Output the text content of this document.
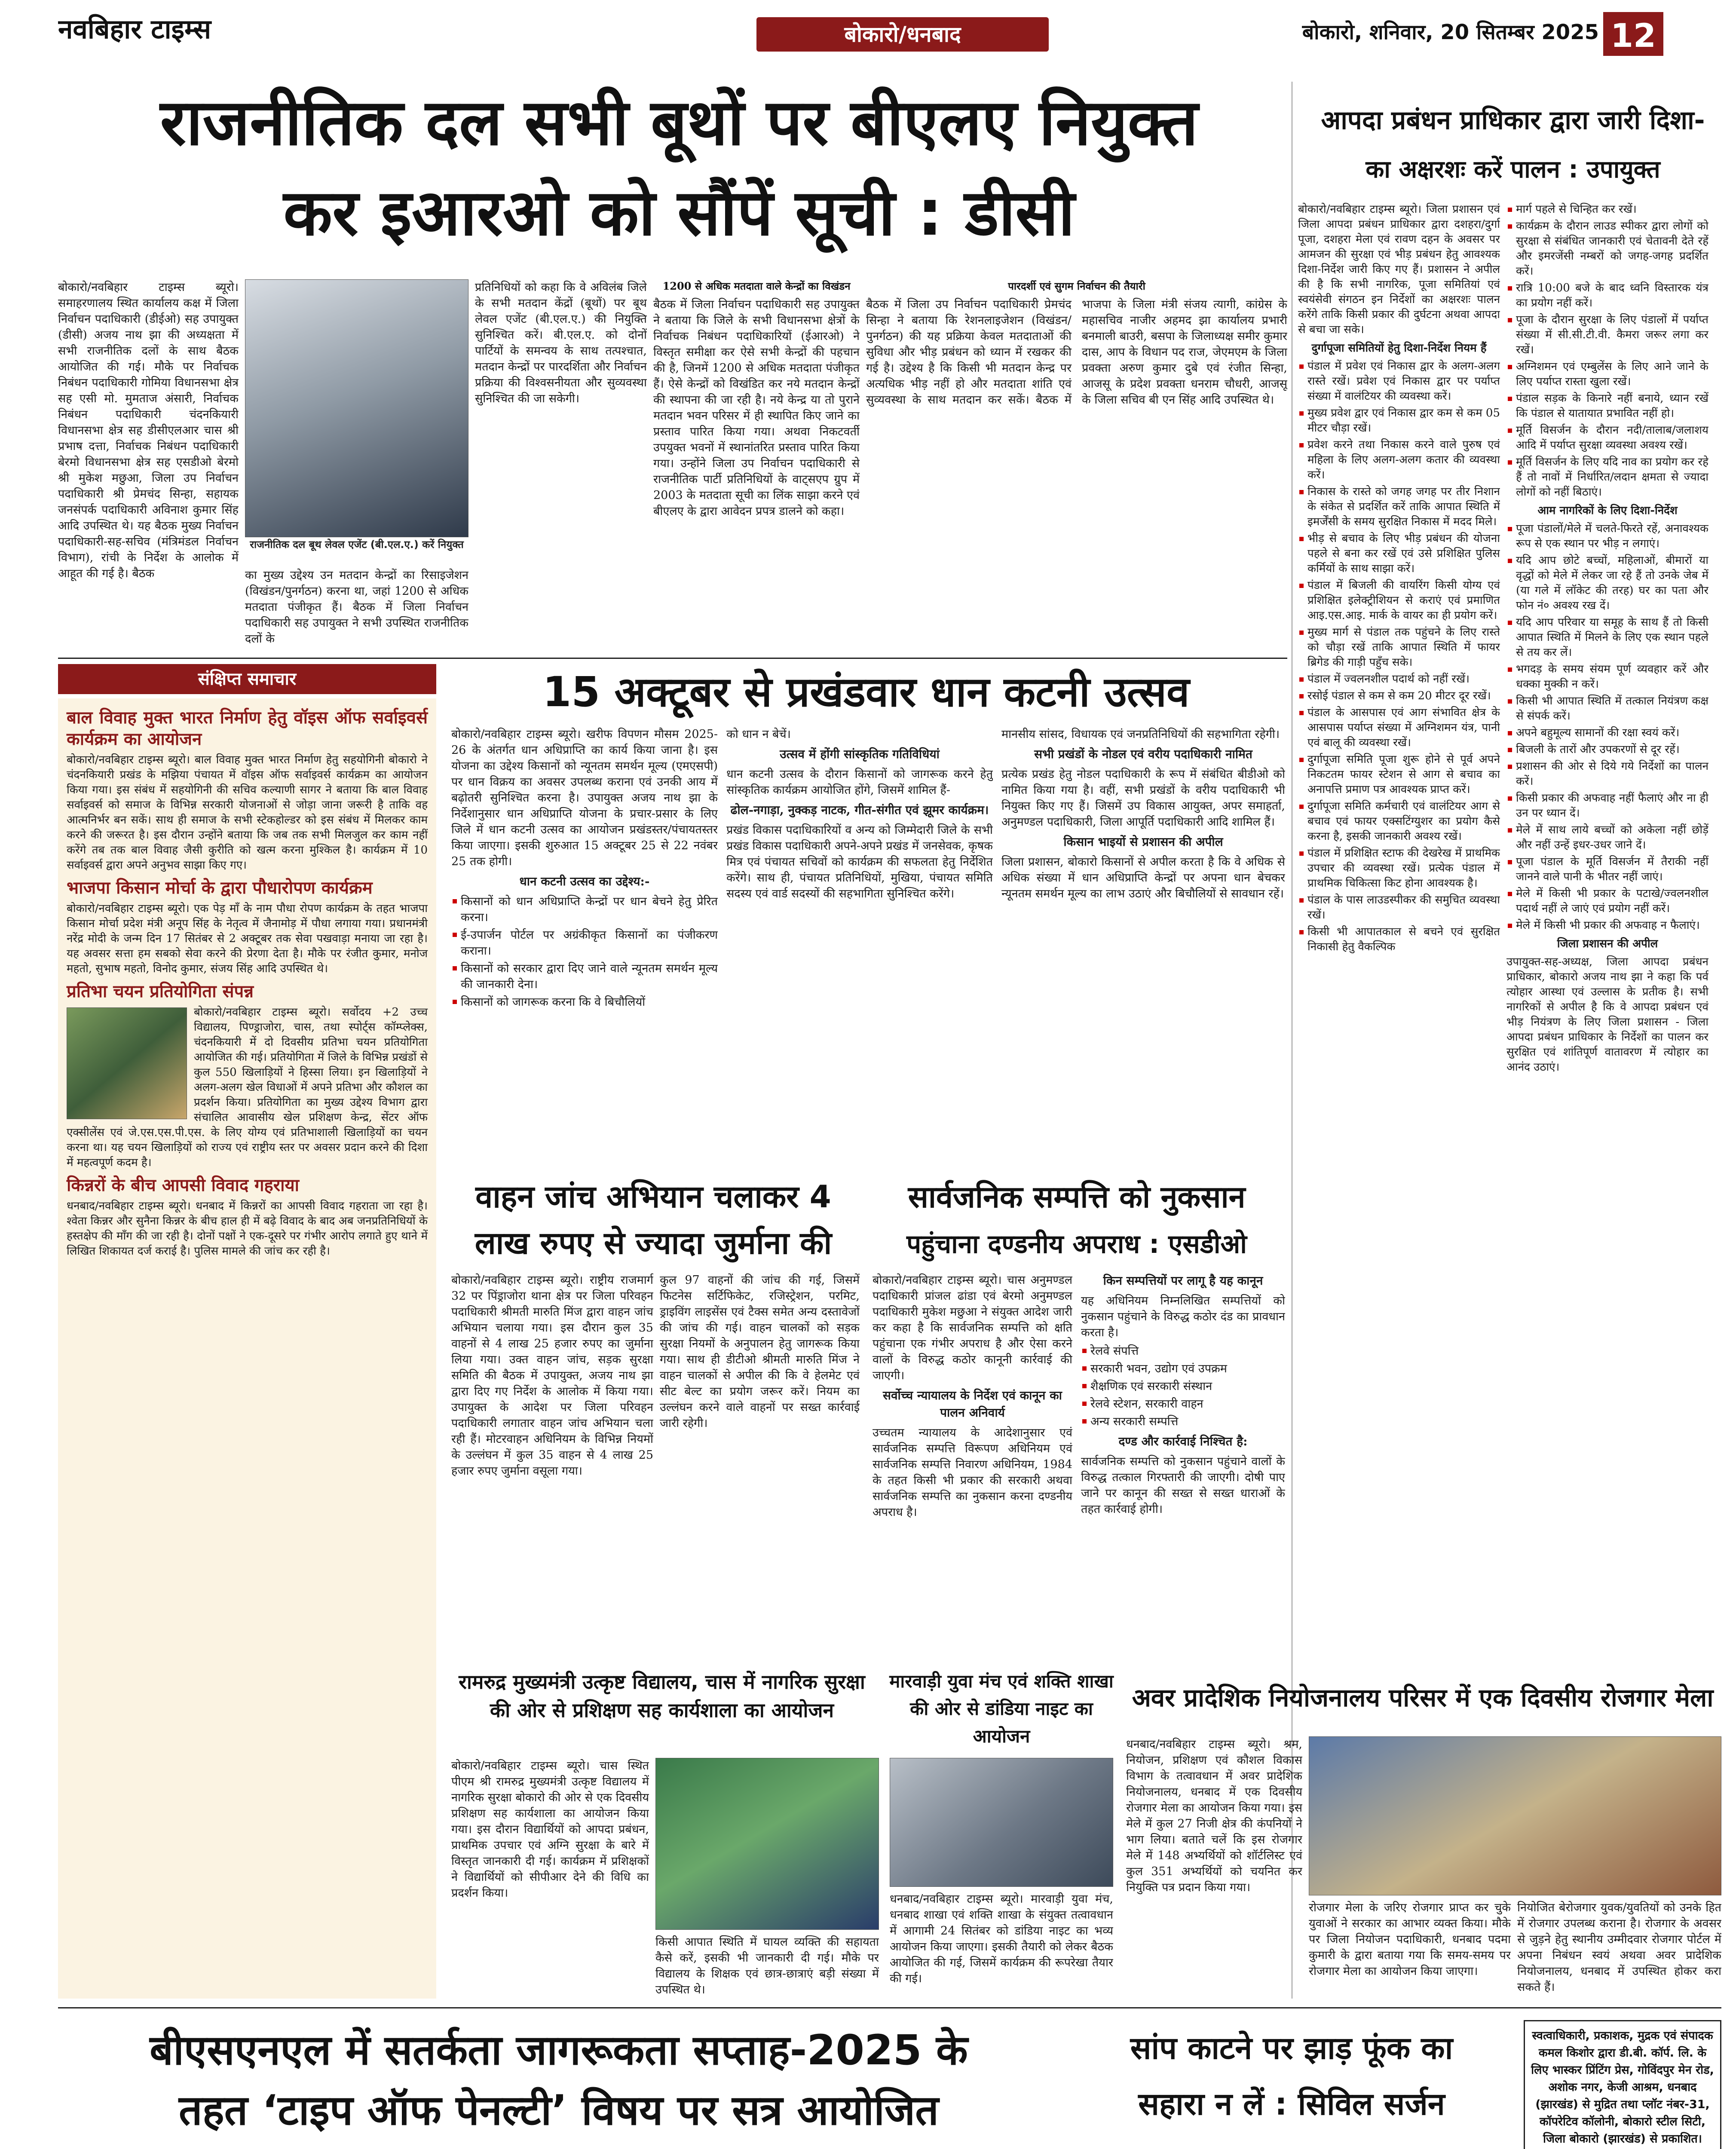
नवबिहार टाइम्स	बोकारो/धनबाद	बोकारो, शनिवार, 20 सितम्बर 2025 12
राजनीतिक दल सभी बूथों पर बीएलए नियुक्त
कर इआरओ को सौंपें सूची : डीसी
बोकारो/नवबिहार टाइम्स ब्यूरो। समाहरणालय स्थित कार्यालय कक्ष में जिला निर्वाचन पदाधिकारी (डीईओ) सह उपायुक्त (डीसी) अजय नाथ झा की अध्यक्षता में सभी राजनीतिक दलों के साथ बैठक आयोजित की गई। मौके पर निर्वाचक निबंधन पदाधिकारी गोमिया विधानसभा क्षेत्र सह एसी मो. मुमताज अंसारी, निर्वाचक निबंधन पदाधिकारी चंदनकियारी विधानसभा क्षेत्र सह डीसीएलआर चास श्री प्रभाष दत्ता, निर्वाचक निबंधन पदाधिकारी बेरमो विधानसभा क्षेत्र सह एसडीओ बेरमो श्री मुकेश मछुआ, जिला उप निर्वाचन पदाधिकारी श्री प्रेमचंद सिन्हा, सहायक जनसंपर्क पदाधिकारी अविनाश कुमार सिंह आदि उपस्थित थे। यह बैठक मुख्य निर्वाचन पदाधिकारी-सह-सचिव (मंत्रिमंडल निर्वाचन विभाग), रांची के निर्देश के आलोक में आहूत की गई है। बैठक
राजनीतिक दल बूथ लेवल एजेंट (बी.एल.ए.) करें नियुक्त
का मुख्य उद्देश्य उन मतदान केन्द्रों का रिसाइजेशन (विखंडन/पुनर्गठन) करना था, जहां 1200 से अधिक मतदाता पंजीकृत हैं। बैठक में जिला निर्वाचन पदाधिकारी सह उपायुक्त ने सभी उपस्थित राजनीतिक दलों के
प्रतिनिधियों को कहा कि वे अविलंब जिले के सभी मतदान केंद्रों (बूथों) पर बूथ लेवल एजेंट (बी.एल.ए.) की नियुक्ति सुनिश्चित करें। बी.एल.ए. को दोनों पार्टियों के समन्वय के साथ तत्पश्चात, मतदान केन्द्रों पर पारदर्शिता और निर्वाचन प्रक्रिया की विश्वसनीयता और सुव्यवस्था सुनिश्चित की जा सकेगी।
1200 से अधिक मतदाता वाले केन्द्रों का विखंडन
बैठक में जिला निर्वाचन पदाधिकारी सह उपायुक्त ने बताया कि जिले के सभी विधानसभा क्षेत्रों के निर्वाचक निबंधन पदाधिकारियों (ईआरओ) ने विस्तृत समीक्षा कर ऐसे सभी केन्द्रों की पहचान की है, जिनमें 1200 से अधिक मतदाता पंजीकृत हैं। ऐसे केन्द्रों को विखंडित कर नये मतदान केन्द्रों की स्थापना की जा रही है। नये केन्द्र या तो पुराने मतदान भवन परिसर में ही स्थापित किए जाने का प्रस्ताव पारित किया गया। अथवा निकटवर्ती उपयुक्त भवनों में स्थानांतरित प्रस्ताव पारित किया गया। उन्होंने जिला उप निर्वाचन पदाधिकारी से राजनीतिक पार्टी प्रतिनिधियों के वाट्सएप ग्रुप में 2003 के मतदाता सूची का लिंक साझा करने एवं बीएलए के द्वारा आवेदन प्रपत्र डालने को कहा।
पारदर्शी एवं सुगम निर्वाचन की तैयारी
बैठक में जिला उप निर्वाचन पदाधिकारी प्रेमचंद सिन्हा ने बताया कि रेशनलाइजेशन (विखंडन/पुनर्गठन) की यह प्रक्रिया केवल मतदाताओं की सुविधा और भीड़ प्रबंधन को ध्यान में रखकर की गई है। उद्देश्य है कि किसी भी मतदान केन्द्र पर अत्यधिक भीड़ नहीं हो और मतदाता शांति एवं सुव्यवस्था के साथ मतदान कर सकें। बैठक में भाजपा के जिला मंत्री संजय त्यागी, कांग्रेस के महासचिव नाजीर अहमद झा कार्यालय प्रभारी बनमाली बाउरी, बसपा के जिलाध्यक्ष समीर कुमार दास, आप के विधान पद राज, जेएमएम के जिला प्रवक्ता अरुण कुमार दुबे एवं रंजीत सिन्हा, आजसू के प्रदेश प्रवक्ता धनराम चौधरी, आजसू के जिला सचिव बी एन सिंह आदि उपस्थित थे।
आपदा प्रबंधन प्राधिकार द्वारा जारी दिशा-
का अक्षरशः करें पालन : उपायुक्त

बोकारो/नवबिहार टाइम्स ब्यूरो। जिला प्रशासन एवं जिला आपदा प्रबंधन प्राधिकार द्वारा दशहरा/दुर्गा पूजा, दशहरा मेला एवं रावण दहन के अवसर पर आमजन की सुरक्षा एवं भीड़ प्रबंधन हेतु आवश्यक दिशा-निर्देश जारी किए गए हैं। प्रशासन ने अपील की है कि सभी नागरिक, पूजा समितियां एवं स्वयंसेवी संगठन इन निर्देशों का अक्षरशः पालन करेंगे ताकि किसी प्रकार की दुर्घटना अथवा आपदा से बचा जा सके।

दुर्गापूजा समितियों हेतु दिशा-निर्देश नियम हैं
पंडाल में प्रवेश एवं निकास द्वार के अलग-अलग रास्ते रखें। प्रवेश एवं निकास द्वार पर पर्याप्त संख्या में वालंटियर की व्यवस्था करें।
मुख्य प्रवेश द्वार एवं निकास द्वार कम से कम 05 मीटर चौड़ा रखें।
प्रवेश करने तथा निकास करने वाले पुरुष एवं महिला के लिए अलग-अलग कतार की व्यवस्था करें।
निकास के रास्ते को जगह जगह पर तीर निशान के संकेत से प्रदर्शित करें ताकि आपात स्थिति में इमर्जेंसी के समय सुरक्षित निकास में मदद मिले।
भीड़ से बचाव के लिए भीड़ प्रबंधन की योजना पहले से बना कर रखें एवं उसे प्रशिक्षित पुलिस कर्मियों के साथ साझा करें।
पंडाल में बिजली की वायरिंग किसी योग्य एवं प्रशिक्षित इलेक्ट्रीशियन से कराएं एवं प्रमाणित आइ.एस.आइ. मार्क के वायर का ही प्रयोग करें।
मुख्य मार्ग से पंडाल तक पहुंचने के लिए रास्ते को चौड़ा रखें ताकि आपात स्थिति में फायर ब्रिगेड की गाड़ी पहुँच सके।
पंडाल में ज्वलनशील पदार्थ को नहीं रखें।
रसोई पंडाल से कम से कम 20 मीटर दूर रखें।
पंडाल के आसपास एवं आग संभावित क्षेत्र के आसपास पर्याप्त संख्या में अग्निशमन यंत्र, पानी एवं बालू की व्यवस्था रखें।
दुर्गापूजा समिति पूजा शुरू होने से पूर्व अपने निकटतम फायर स्टेशन से आग से बचाव का अनापत्ति प्रमाण पत्र आवश्यक प्राप्त करें।
दुर्गापूजा समिति कर्मचारी एवं वालंटियर आग से बचाव एवं फायर एक्सटिंग्युशर का प्रयोग कैसे करना है, इसकी जानकारी अवश्य रखें।
पंडाल में प्रशिक्षित स्टाफ की देखरेख में प्राथमिक उपचार की व्यवस्था रखें। प्रत्येक पंडाल में प्राथमिक चिकित्सा किट होना आवश्यक है।
पंडाल के पास लाउडस्पीकर की समुचित व्यवस्था रखें।
किसी भी आपातकाल से बचने एवं सुरक्षित निकासी हेतु वैकल्पिक
मार्ग पहले से चिन्हित कर रखें।
कार्यक्रम के दौरान लाउड स्पीकर द्वारा लोगों को सुरक्षा से संबंधित जानकारी एवं चेतावनी देते रहें और इमरजेंसी नम्बरों को जगह-जगह प्रदर्शित करें।
रात्रि 10:00 बजे के बाद ध्वनि विस्तारक यंत्र का प्रयोग नहीं करें।
पूजा के दौरान सुरक्षा के लिए पंडालों में पर्याप्त संख्या में सी.सी.टी.वी. कैमरा जरूर लगा कर रखें।
अग्निशमन एवं एम्बुलेंस के लिए आने जाने के लिए पर्याप्त रास्ता खुला रखें।
पंडाल सड़क के किनारे नहीं बनाये, ध्यान रखें कि पंडाल से यातायात प्रभावित नहीं हो।
मूर्ति विसर्जन के दौरान नदी/तालाब/जलाशय आदि में पर्याप्त सुरक्षा व्यवस्था अवश्य रखें।
मूर्ति विसर्जन के लिए यदि नाव का प्रयोग कर रहे हैं तो नावों में निर्धारित/लदान क्षमता से ज्यादा लोगों को नहीं बिठाएं।
आम नागरिकों के लिए दिशा-निर्देश
पूजा पंडालों/मेले में चलते-फिरते रहें, अनावश्यक रूप से एक स्थान पर भीड़ न लगाएं।
यदि आप छोटे बच्चों, महिलाओं, बीमारों या वृद्धों को मेले में लेकर जा रहे हैं तो उनके जेब में (या गले में लॉकेट की तरह) घर का पता और फोन नं० अवश्य रख दें।
यदि आप परिवार या समूह के साथ हैं तो किसी आपात स्थिति में मिलने के लिए एक स्थान पहले से तय कर लें।
भगदड़ के समय संयम पूर्ण व्यवहार करें और धक्का मुक्की न करें।
किसी भी आपात स्थिति में तत्काल नियंत्रण कक्ष से संपर्क करें।
अपने बहुमूल्य सामानों की रक्षा स्वयं करें।
बिजली के तारों और उपकरणों से दूर रहें।
प्रशासन की ओर से दिये गये निर्देशों का पालन करें।
किसी प्रकार की अफवाह नहीं फैलाएं और ना ही उन पर ध्यान दें।
मेले में साथ लाये बच्चों को अकेला नहीं छोड़ें और नहीं उन्हें इधर-उधर जाने दें।
पूजा पंडाल के मूर्ति विसर्जन में तैराकी नहीं जानने वाले पानी के भीतर नहीं जाएं।
मेले में किसी भी प्रकार के पटाखे/ज्वलनशील पदार्थ नहीं ले जाएं एवं प्रयोग नहीं करें।
मेले में किसी भी प्रकार की अफवाह न फैलाएं।
जिला प्रशासन की अपील

उपायुक्त-सह-अध्यक्ष, जिला आपदा प्रबंधन प्राधिकार, बोकारो अजय नाथ झा ने कहा कि पर्व त्योहार आस्था एवं उल्लास के प्रतीक है। सभी नागरिकों से अपील है कि वे आपदा प्रबंधन एवं भीड़ नियंत्रण के लिए जिला प्रशासन - जिला आपदा प्रबंधन प्राधिकार के निर्देशों का पालन कर सुरक्षित एवं शांतिपूर्ण वातावरण में त्योहार का आनंद उठाएं।

संक्षिप्त समाचार
बाल विवाह मुक्त भारत निर्माण हेतु वॉइस ऑफ सर्वाइवर्स कार्यक्रम का आयोजन

बोकारो/नवबिहार टाइम्स ब्यूरो। बाल विवाह मुक्त भारत निर्माण हेतु सहयोगिनी बोकारो ने चंदनकियारी प्रखंड के मझिया पंचायत में वॉइस ऑफ सर्वाइवर्स कार्यक्रम का आयोजन किया गया। इस संबंध में सहयोगिनी की सचिव कल्याणी सागर ने बताया कि बाल विवाह सर्वाइवर्स को समाज के विभिन्न सरकारी योजनाओं से जोड़ा जाना जरूरी है ताकि वह आत्मनिर्भर बन सकें। साथ ही समाज के सभी स्टेकहोल्डर को इस संबंध में मिलकर काम करने की जरूरत है। इस दौरान उन्होंने बताया कि जब तक सभी मिलजुल कर काम नहीं करेंगे तब तक बाल विवाह जैसी कुरीति को खत्म करना मुश्किल है। कार्यक्रम में 10 सर्वाइवर्स द्वारा अपने अनुभव साझा किए गए।

भाजपा किसान मोर्चा के द्वारा पौधारोपण कार्यक्रम

बोकारो/नवबिहार टाइम्स ब्यूरो। एक पेड़ माँ के नाम पौधा रोपण कार्यक्रम के तहत भाजपा किसान मोर्चा प्रदेश मंत्री अनूप सिंह के नेतृत्व में जैनामोड़ में पौधा लगाया गया। प्रधानमंत्री नरेंद्र मोदी के जन्म दिन 17 सितंबर से 2 अक्टूबर तक सेवा पखवाड़ा मनाया जा रहा है। यह अवसर सत्ता हम सबको सेवा करने की प्रेरणा देता है। मौके पर रंजीत कुमार, मनोज महतो, सुभाष महतो, विनोद कुमार, संजय सिंह आदि उपस्थित थे।

प्रतिभा चयन प्रतियोगिता संपन्न

बोकारो/नवबिहार टाइम्स ब्यूरो। सर्वोदय +2 उच्च विद्यालय, पिण्ड्राजोरा, चास, तथा स्पोर्ट्स कॉम्प्लेक्स, चंदनकियारी में दो दिवसीय प्रतिभा चयन प्रतियोगिता आयोजित की गई। प्रतियोगिता में जिले के विभिन्न प्रखंडों से कुल 550 खिलाड़ियों ने हिस्सा लिया। इन खिलाड़ियों ने अलग-अलग खेल विधाओं में अपने प्रतिभा और कौशल का प्रदर्शन किया। प्रतियोगिता का मुख्य उद्देश्य विभाग द्वारा संचालित आवासीय खेल प्रशिक्षण केन्द्र, सेंटर ऑफ एक्सीलेंस एवं जे.एस.एस.पी.एस. के लिए योग्य एवं प्रतिभाशाली खिलाड़ियों का चयन करना था। यह चयन खिलाड़ियों को राज्य एवं राष्ट्रीय स्तर पर अवसर प्रदान करने की दिशा में महत्वपूर्ण कदम है।

किन्नरों के बीच आपसी विवाद गहराया

धनबाद/नवबिहार टाइम्स ब्यूरो। धनबाद में किन्नरों का आपसी विवाद गहराता जा रहा है। श्वेता किन्नर और सुनैना किन्नर के बीच हाल ही में बढ़े विवाद के बाद अब जनप्रतिनिधियों के हस्तक्षेप की माँग की जा रही है। दोनों पक्षों ने एक-दूसरे पर गंभीर आरोप लगाते हुए थाने में लिखित शिकायत दर्ज कराई है। पुलिस मामले की जांच कर रही है।

15 अक्टूबर से प्रखंडवार धान कटनी उत्सव

बोकारो/नवबिहार टाइम्स ब्यूरो। खरीफ विपणन मौसम 2025-26 के अंतर्गत धान अधिप्राप्ति का कार्य किया जाना है। इस योजना का उद्देश्य किसानों को न्यूनतम समर्थन मूल्य (एमएसपी) पर धान विक्रय का अवसर उपलब्ध कराना एवं उनकी आय में बढ़ोतरी सुनिश्चित करना है। उपायुक्त अजय नाथ झा के निर्देशानुसार धान अधिप्राप्ति योजना के प्रचार-प्रसार के लिए जिले में धान कटनी उत्सव का आयोजन प्रखंडस्तर/पंचायतस्तर किया जाएगा। इसकी शुरुआत 15 अक्टूबर 25 से 22 नवंबर 25 तक होगी।

धान कटनी उत्सव का उद्देश्य:-
किसानों को धान अधिप्राप्ति केन्द्रों पर धान बेचने हेतु प्रेरित करना।
ई-उपार्जन पोर्टल पर अग्रंकीकृत किसानों का पंजीकरण कराना।
किसानों को सरकार द्वारा दिए जाने वाले न्यूनतम समर्थन मूल्य की जानकारी देना।
किसानों को जागरूक करना कि वे बिचौलियों

को धान न बेचें।

उत्सव में होंगी सांस्कृतिक गतिविधियां

धान कटनी उत्सव के दौरान किसानों को जागरूक करने हेतु सांस्कृतिक कार्यक्रम आयोजित होंगे, जिसमें शामिल हैं-

ढोल-नगाड़ा, नुक्कड़ नाटक, गीत-संगीत एवं झूमर कार्यक्रम।

प्रखंड विकास पदाधिकारियों व अन्य को जिम्मेदारी जिले के सभी प्रखंड विकास पदाधिकारी अपने-अपने प्रखंड में जनसेवक, कृषक मित्र एवं पंचायत सचिवों को कार्यक्रम की सफलता हेतु निर्देशित करेंगे। साथ ही, पंचायत प्रतिनिधियों, मुखिया, पंचायत समिति सदस्य एवं वार्ड सदस्यों की सहभागिता सुनिश्चित करेंगे।

मानसीय सांसद, विधायक एवं जनप्रतिनिधियों की सहभागिता रहेगी।

सभी प्रखंडों के नोडल एवं वरीय पदाधिकारी नामित

प्रत्येक प्रखंड हेतु नोडल पदाधिकारी के रूप में संबंधित बीडीओ को नामित किया गया है। वहीं, सभी प्रखंडों के वरीय पदाधिकारी भी नियुक्त किए गए हैं। जिसमें उप विकास आयुक्त, अपर समाहर्ता, अनुमण्डल पदाधिकारी, जिला आपूर्ति पदाधिकारी आदि शामिल हैं।

किसान भाइयों से प्रशासन की अपील

जिला प्रशासन, बोकारो किसानों से अपील करता है कि वे अधिक से अधिक संख्या में धान अधिप्राप्ति केन्द्रों पर अपना धान बेचकर न्यूनतम समर्थन मूल्य का लाभ उठाएं और बिचौलियों से सावधान रहें।

वाहन जांच अभियान चलाकर 4 लाख रुपए से ज्यादा जुर्माना की
बोकारो/नवबिहार टाइम्स ब्यूरो। राष्ट्रीय राजमार्ग 32 पर पिंड्राजोरा थाना क्षेत्र पर जिला परिवहन पदाधिकारी श्रीमती मारुति मिंज द्वारा वाहन जांच अभियान चलाया गया। इस दौरान कुल 35 वाहनों से 4 लाख 25 हजार रुपए का जुर्माना लिया गया। उक्त वाहन जांच, सड़क सुरक्षा समिति की बैठक में उपायुक्त, अजय नाथ झा द्वारा दिए गए निर्देश के आलोक में किया गया। उपायुक्त के आदेश पर जिला परिवहन पदाधिकारी लगातार वाहन जांच अभियान चला रही हैं। मोटरवाहन अधिनियम के विभिन्न नियमों के उल्लंघन में कुल 35 वाहन से 4 लाख 25 हजार रुपए जुर्माना वसूला गया।
कुल 97 वाहनों की जांच की गई, जिसमें फिटनेस सर्टिफिकेट, रजिस्ट्रेशन, परमिट, ड्राइविंग लाइसेंस एवं टैक्स समेत अन्य दस्तावेजों की जांच की गई। वाहन चालकों को सड़क सुरक्षा नियमों के अनुपालन हेतु जागरूक किया गया। साथ ही डीटीओ श्रीमती मारुति मिंज ने वाहन चालकों से अपील की कि वे हेलमेट एवं सीट बेल्ट का प्रयोग जरूर करें। नियम का उल्लंघन करने वाले वाहनों पर सख्त कार्रवाई जारी रहेगी।
सार्वजनिक सम्पत्ति को नुकसान
पहुंचाना दण्डनीय अपराध : एसडीओ

बोकारो/नवबिहार टाइम्स ब्यूरो। चास अनुमण्डल पदाधिकारी प्रांजल ढांडा एवं बेरमो अनुमण्डल पदाधिकारी मुकेश मछुआ ने संयुक्त आदेश जारी कर कहा है कि सार्वजनिक सम्पत्ति को क्षति पहुंचाना एक गंभीर अपराध है और ऐसा करने वालों के विरुद्ध कठोर कानूनी कार्रवाई की जाएगी।

सर्वोच्च न्यायालय के निर्देश एवं कानून का पालन अनिवार्य

उच्चतम न्यायालय के आदेशानुसार एवं सार्वजनिक सम्पत्ति विरूपण अधिनियम एवं सार्वजनिक सम्पत्ति निवारण अधिनियम, 1984 के तहत किसी भी प्रकार की सरकारी अथवा सार्वजनिक सम्पत्ति का नुकसान करना दण्डनीय अपराध है।

किन सम्पत्तियों पर लागू है यह कानून

यह अधिनियम निम्नलिखित सम्पत्तियों को नुकसान पहुंचाने के विरुद्ध कठोर दंड का प्रावधान करता है।

रेलवे संपत्ति
सरकारी भवन, उद्योग एवं उपक्रम
शैक्षणिक एवं सरकारी संस्थान
रेलवे स्टेशन, सरकारी वाहन
अन्य सरकारी सम्पत्ति
दण्ड और कार्रवाई निश्चित है:

सार्वजनिक सम्पत्ति को नुकसान पहुंचाने वालों के विरुद्ध तत्काल गिरफ्तारी की जाएगी। दोषी पाए जाने पर कानून की सख्त से सख्त धाराओं के तहत कार्रवाई होगी।

रामरुद्र मुख्यमंत्री उत्कृष्ट विद्यालय, चास में नागरिक सुरक्षा की ओर से प्रशिक्षण सह कार्यशाला का आयोजन
बोकारो/नवबिहार टाइम्स ब्यूरो। चास स्थित पीएम श्री रामरुद्र मुख्यमंत्री उत्कृष्ट विद्यालय में नागरिक सुरक्षा बोकारो की ओर से एक दिवसीय प्रशिक्षण सह कार्यशाला का आयोजन किया गया। इस दौरान विद्यार्थियों को आपदा प्रबंधन, प्राथमिक उपचार एवं अग्नि सुरक्षा के बारे में विस्तृत जानकारी दी गई। कार्यक्रम में प्रशिक्षकों ने विद्यार्थियों को सीपीआर देने की विधि का प्रदर्शन किया।
किसी आपात स्थिति में घायल व्यक्ति की सहायता कैसे करें, इसकी भी जानकारी दी गई। मौके पर विद्यालय के शिक्षक एवं छात्र-छात्राएं बड़ी संख्या में उपस्थित थे।
मारवाड़ी युवा मंच एवं शक्ति शाखा की ओर से डांडिया नाइट का आयोजन
धनबाद/नवबिहार टाइम्स ब्यूरो। मारवाड़ी युवा मंच, धनबाद शाखा एवं शक्ति शाखा के संयुक्त तत्वावधान में आगामी 24 सितंबर को डांडिया नाइट का भव्य आयोजन किया जाएगा। इसकी तैयारी को लेकर बैठक आयोजित की गई, जिसमें कार्यक्रम की रूपरेखा तैयार की गई।
अवर प्रादेशिक नियोजनालय परिसर में एक दिवसीय रोजगार मेला
धनबाद/नवबिहार टाइम्स ब्यूरो। श्रम, नियोजन, प्रशिक्षण एवं कौशल विकास विभाग के तत्वावधान में अवर प्रादेशिक नियोजनालय, धनबाद में एक दिवसीय रोजगार मेला का आयोजन किया गया। इस मेले में कुल 27 निजी क्षेत्र की कंपनियों ने भाग लिया। बताते चलें कि इस रोजगार मेले में 148 अभ्यर्थियों को शॉर्टलिस्ट एवं कुल 351 अभ्यर्थियों को चयनित कर नियुक्ति पत्र प्रदान किया गया।
रोजगार मेला के जरिए रोजगार प्राप्त कर चुके युवाओं ने सरकार का आभार व्यक्त किया। मौके पर जिला नियोजन पदाधिकारी, धनबाद पदमा कुमारी के द्वारा बताया गया कि समय-समय पर रोजगार मेला का आयोजन किया जाएगा।
नियोजित बेरोजगार युवक/युवतियों को उनके हित में रोजगार उपलब्ध कराना है। रोजगार के अवसर से जुड़ने हेतु स्थानीय उम्मीदवार रोजगार पोर्टल में अपना निबंधन स्वयं अथवा अवर प्रादेशिक नियोजनालय, धनबाद में उपस्थित होकर करा सकते हैं।
बीएसएनएल में सतर्कता जागरूकता सप्ताह-2025 के
तहत ‘टाइप ऑफ पेनल्टी’ विषय पर सत्र आयोजित
सांप काटने पर झाड़ फूंक का
सहारा न लें : सिविल सर्जन

स्वत्वाधिकारी, प्रकाशक, मुद्रक एवं संपादक कमल किशोर द्वारा डी.बी. कॉर्प. लि. के लिए भास्कर प्रिंटिंग प्रेस, गोविंदपुर मेन रोड, अशोक नगर, केजी आश्रम, धनबाद (झारखंड) से मुद्रित तथा प्लॉट नंबर-31, कॉपरेटिव कॉलोनी, बोकारो स्टील सिटी, जिला बोकारो (झारखंड) से प्रकाशित।
